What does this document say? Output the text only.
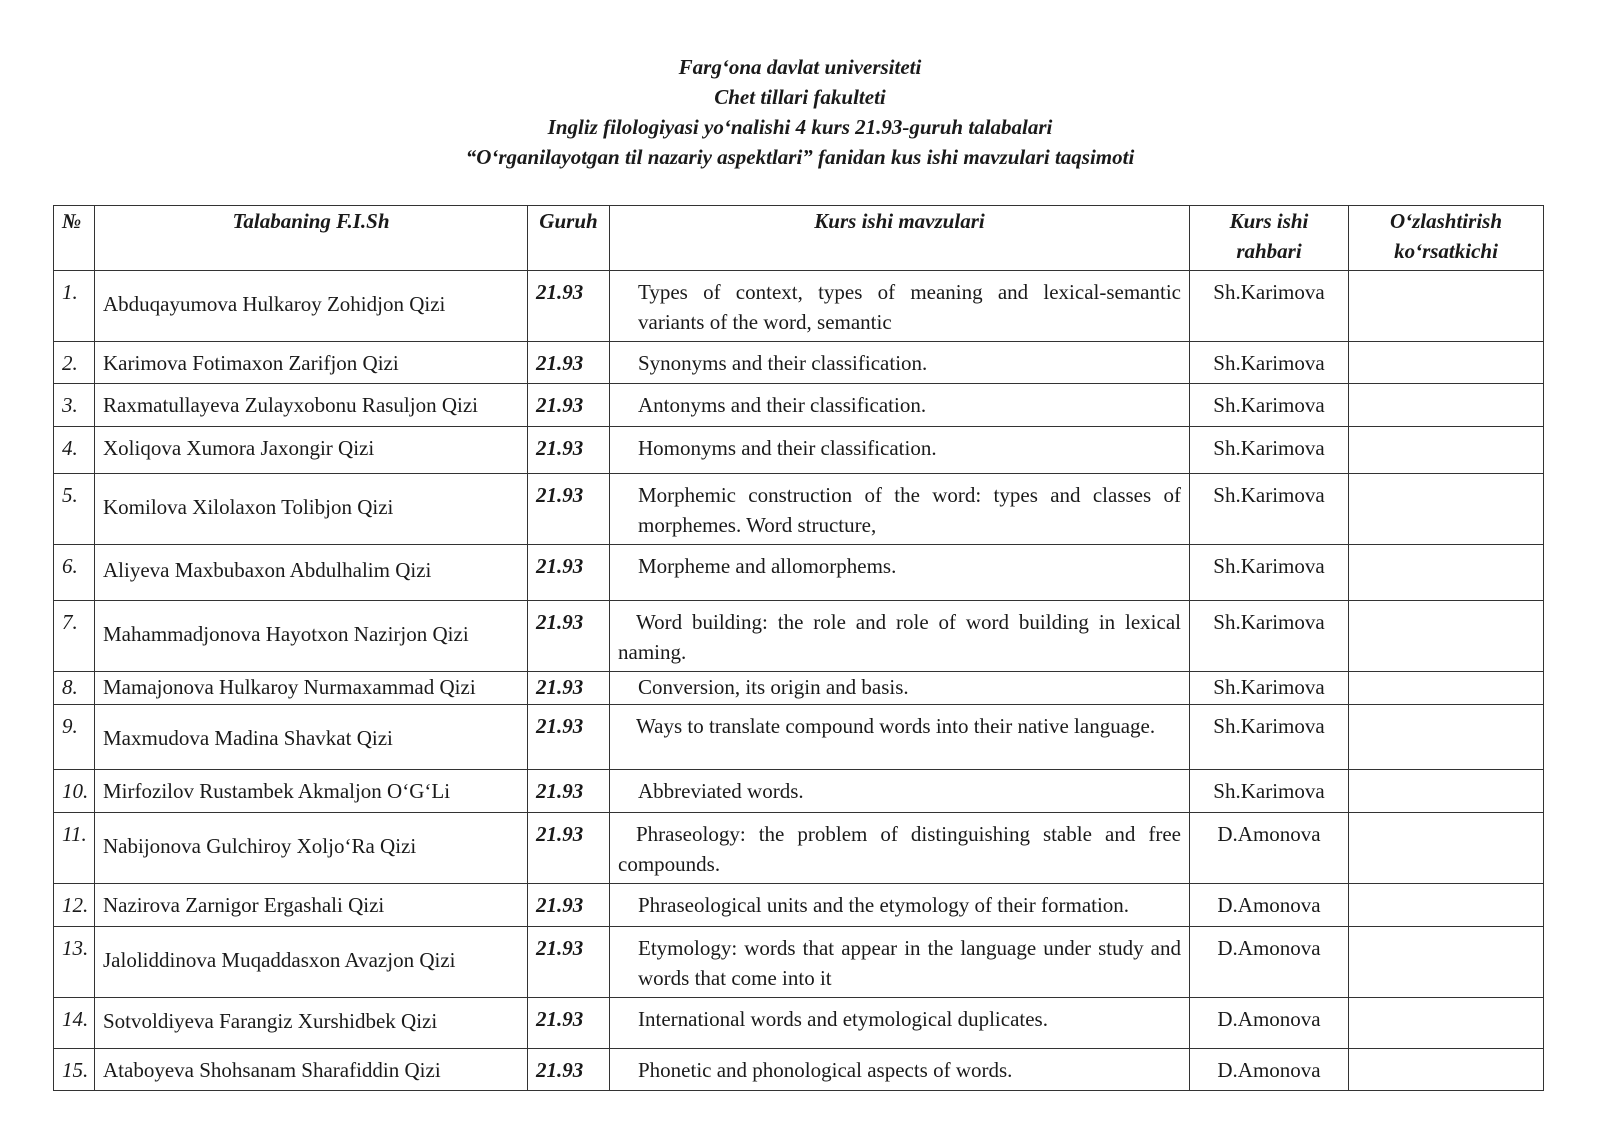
Farg‘ona davlat universiteti
Chet tillari fakulteti
Ingliz filologiyasi yo‘nalishi 4 kurs 21.93-guruh talabalari
“O‘rganilayotgan til nazariy aspektlari” fanidan kus ishi mavzulari taqsimoti
№	Talabaning F.I.Sh	Guruh	Kurs ishi mavzulari	Kurs ishi rahbari	O‘zlashtirish ko‘rsatkichi
1.	Abduqayumova Hulkaroy Zohidjon Qizi	21.93	Types of context, types of meaning and lexical-semantic variants of the word, semantic	Sh.Karimova	
2.	Karimova Fotimaxon Zarifjon Qizi	21.93	Synonyms and their classification.	Sh.Karimova	
3.	Raxmatullayeva Zulayxobonu Rasuljon Qizi	21.93	Antonyms and their classification.	Sh.Karimova	
4.	Xoliqova Xumora Jaxongir Qizi	21.93	Homonyms and their classification.	Sh.Karimova	
5.	Komilova Xilolaxon Tolibjon Qizi	21.93	Morphemic construction of the word: types and classes of morphemes. Word structure,	Sh.Karimova	
6.	Aliyeva Maxbubaxon Abdulhalim Qizi	21.93	Morpheme and allomorphems.	Sh.Karimova	
7.	Mahammadjonova Hayotxon Nazirjon Qizi	21.93	Word building: the role and role of word building in lexical naming.	Sh.Karimova	
8.	Mamajonova Hulkaroy Nurmaxammad Qizi	21.93	Conversion, its origin and basis.	Sh.Karimova	
9.	Maxmudova Madina Shavkat Qizi	21.93	Ways to translate compound words into their native language.	Sh.Karimova	
10.	Mirfozilov Rustambek Akmaljon O‘G‘Li	21.93	Abbreviated words.	Sh.Karimova	
11.	Nabijonova Gulchiroy Xoljo‘Ra Qizi	21.93	Phraseology: the problem of distinguishing stable and free compounds.	D.Amonova	
12.	Nazirova Zarnigor Ergashali Qizi	21.93	Phraseological units and the etymology of their formation.	D.Amonova	
13.	Jaloliddinova Muqaddasxon Avazjon Qizi	21.93	Etymology: words that appear in the language under study and words that come into it	D.Amonova	
14.	Sotvoldiyeva Farangiz Xurshidbek Qizi	21.93	International words and etymological duplicates.	D.Amonova	
15.	Ataboyeva Shohsanam Sharafiddin Qizi	21.93	Phonetic and phonological aspects of words.	D.Amonova	
